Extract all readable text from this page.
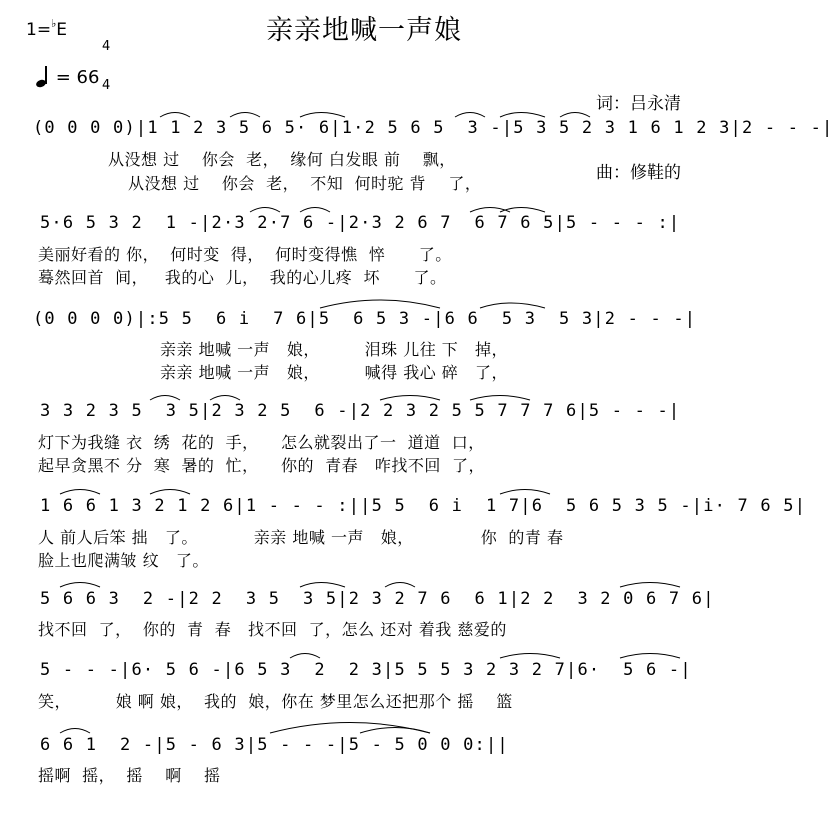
亲亲地喊一声娘
1=♭E

4

4

= 66

词：吕永清

曲：修鞋的

(0 0 0 0)|1 1 2 3 5 6 5· 6|1·2 5 6 5  3 -|5 3 5 2 3 1 6 1 2 3|2 - - -|
从没想 过    你会  老，  缘何 白发眼 前    飘，
从没想 过    你会  老，  不知  何时驼 背    了，
5·6 5 3 2  1 -|2·3 2·7 6 -|2·3 2 6 7  6 7 6 5|5 - - - :|
美丽好看的 你，  何时变  得，  何时变得憔  悴      了。
蓦然回首  间，   我的心  儿，  我的心儿疼  坏      了。
(0 0 0 0)|:5 5  6 i  7 6|5  6 5 3 -|6 6  5 3  5 3|2 - - -|
亲亲 地喊 一声   娘，        泪珠 儿往 下   掉，
亲亲 地喊 一声   娘，        喊得 我心 碎   了，
3 3 2 3 5  3 5|2 3 2 5  6 -|2 2 3 2 5 5 7 7 7 6|5 - - -|
灯下为我缝 衣  绣  花的  手，    怎么就裂出了一  道道  口，
起早贪黑不 分  寒  暑的  忙，    你的  青春   咋找不回  了，
1 6 6 1 3 2 1 2 6|1 - - - :||5 5  6 i  1 7|6  5 6 5 3 5 -|i· 7 6 5|
人 前人后笨 拙   了。          亲亲 地喊 一声   娘，            你  的青 春
脸上也爬满皱 纹   了。
5 6 6 3  2 -|2 2  3 5  3 5|2 3 2 7 6  6 1|2 2  3 2 0 6 7 6|
找不回  了，  你的  青  春   找不回  了，怎么 还对 着我 慈爱的
5 - - -|6· 5 6 -|6 5 3  2  2 3|5 5 5 3 2 3 2 7|6·  5 6 -|
笑，        娘 啊 娘，  我的  娘，你在 梦里怎么还把那个 摇    篮
6 6 1  2 -|5 - 6 3|5 - - -|5 - 5 0 0 0:||
摇啊  摇，  摇    啊    摇
